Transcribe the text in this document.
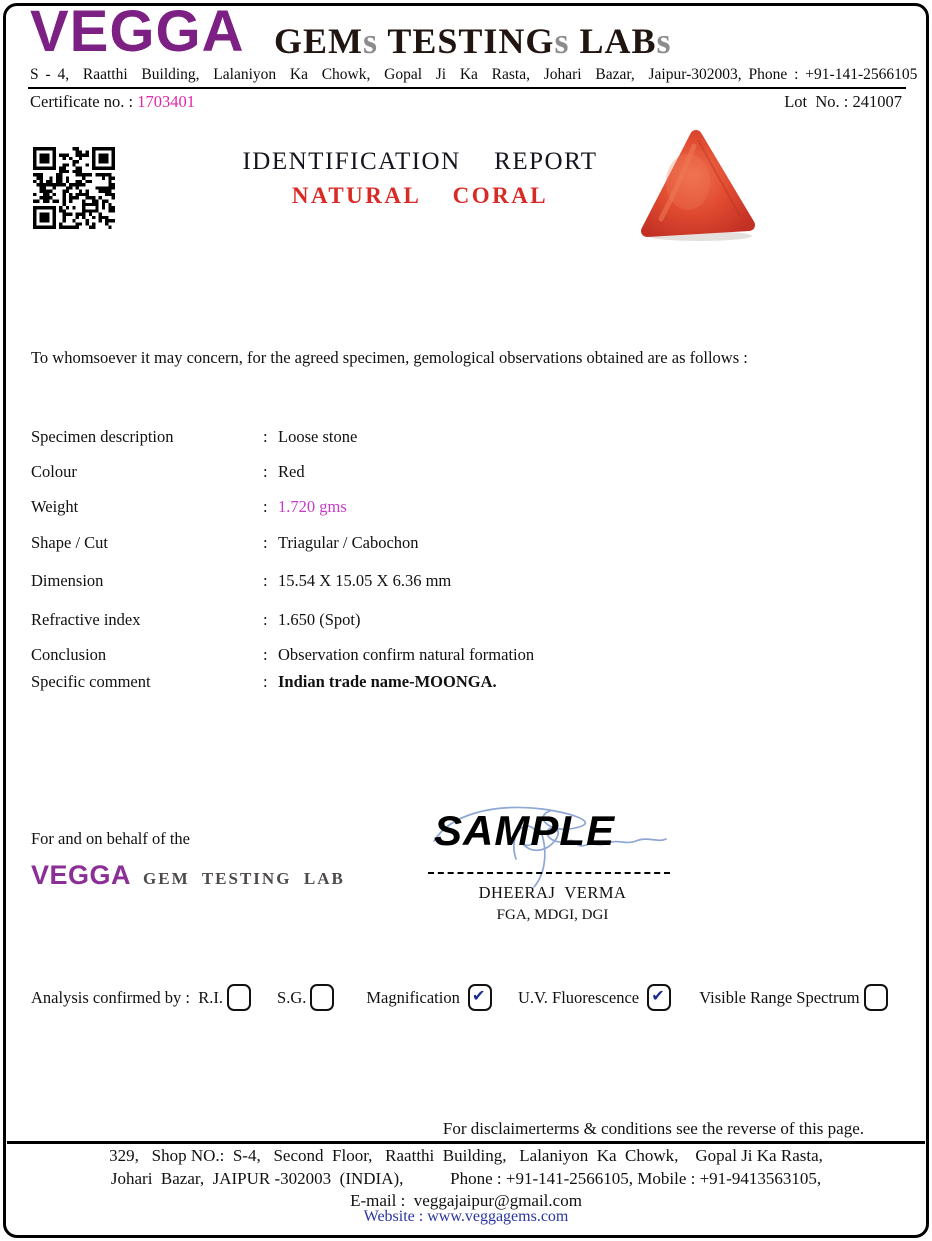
VEGGA GEMs TESTINGs LABs
S - 4,  Raatthi  Building,  Lalaniyon  Ka  Chowk,  Gopal  Ji  Ka  Rasta,  Johari  Bazar,  Jaipur-302003, Phone : +91-141-2566105
Certificate no. : 1703401	Lot  No. : 241007
IDENTIFICATION  REPORT
NATURAL  CORAL
To whomsoever it may concern, for the agreed specimen, gemological observations obtained are as follows :
Specimen description	: Loose stone
Colour	: Red
Weight	: 1.720 gms
Shape / Cut	: Triagular / Cabochon
Dimension	: 15.54 X 15.05 X 6.36 mm
Refractive index	: 1.650 (Spot)
Conclusion	: Observation confirm natural formation
Specific comment	: Indian trade name-MOONGA.
For and on behalf of the
VEGGA GEM  TESTING  LAB
SAMPLE
DHEERAJ  VERMA
FGA, MDGI, DGI
Analysis confirmed by : R.I.	S.G.	Magnification ✔	U.V. Fluorescence ✔	Visible Range Spectrum
For disclaimerterms & conditions see the reverse of this page.
329,   Shop NO.:  S-4,   Second  Floor,   Raatthi  Building,   Lalaniyon  Ka  Chowk,    Gopal Ji Ka Rasta,
Johari  Bazar,  JAIPUR -302003  (INDIA),           Phone : +91-141-2566105, Mobile : +91-9413563105,
E-mail :  veggajaipur@gmail.com
Website : www.veggagems.com
